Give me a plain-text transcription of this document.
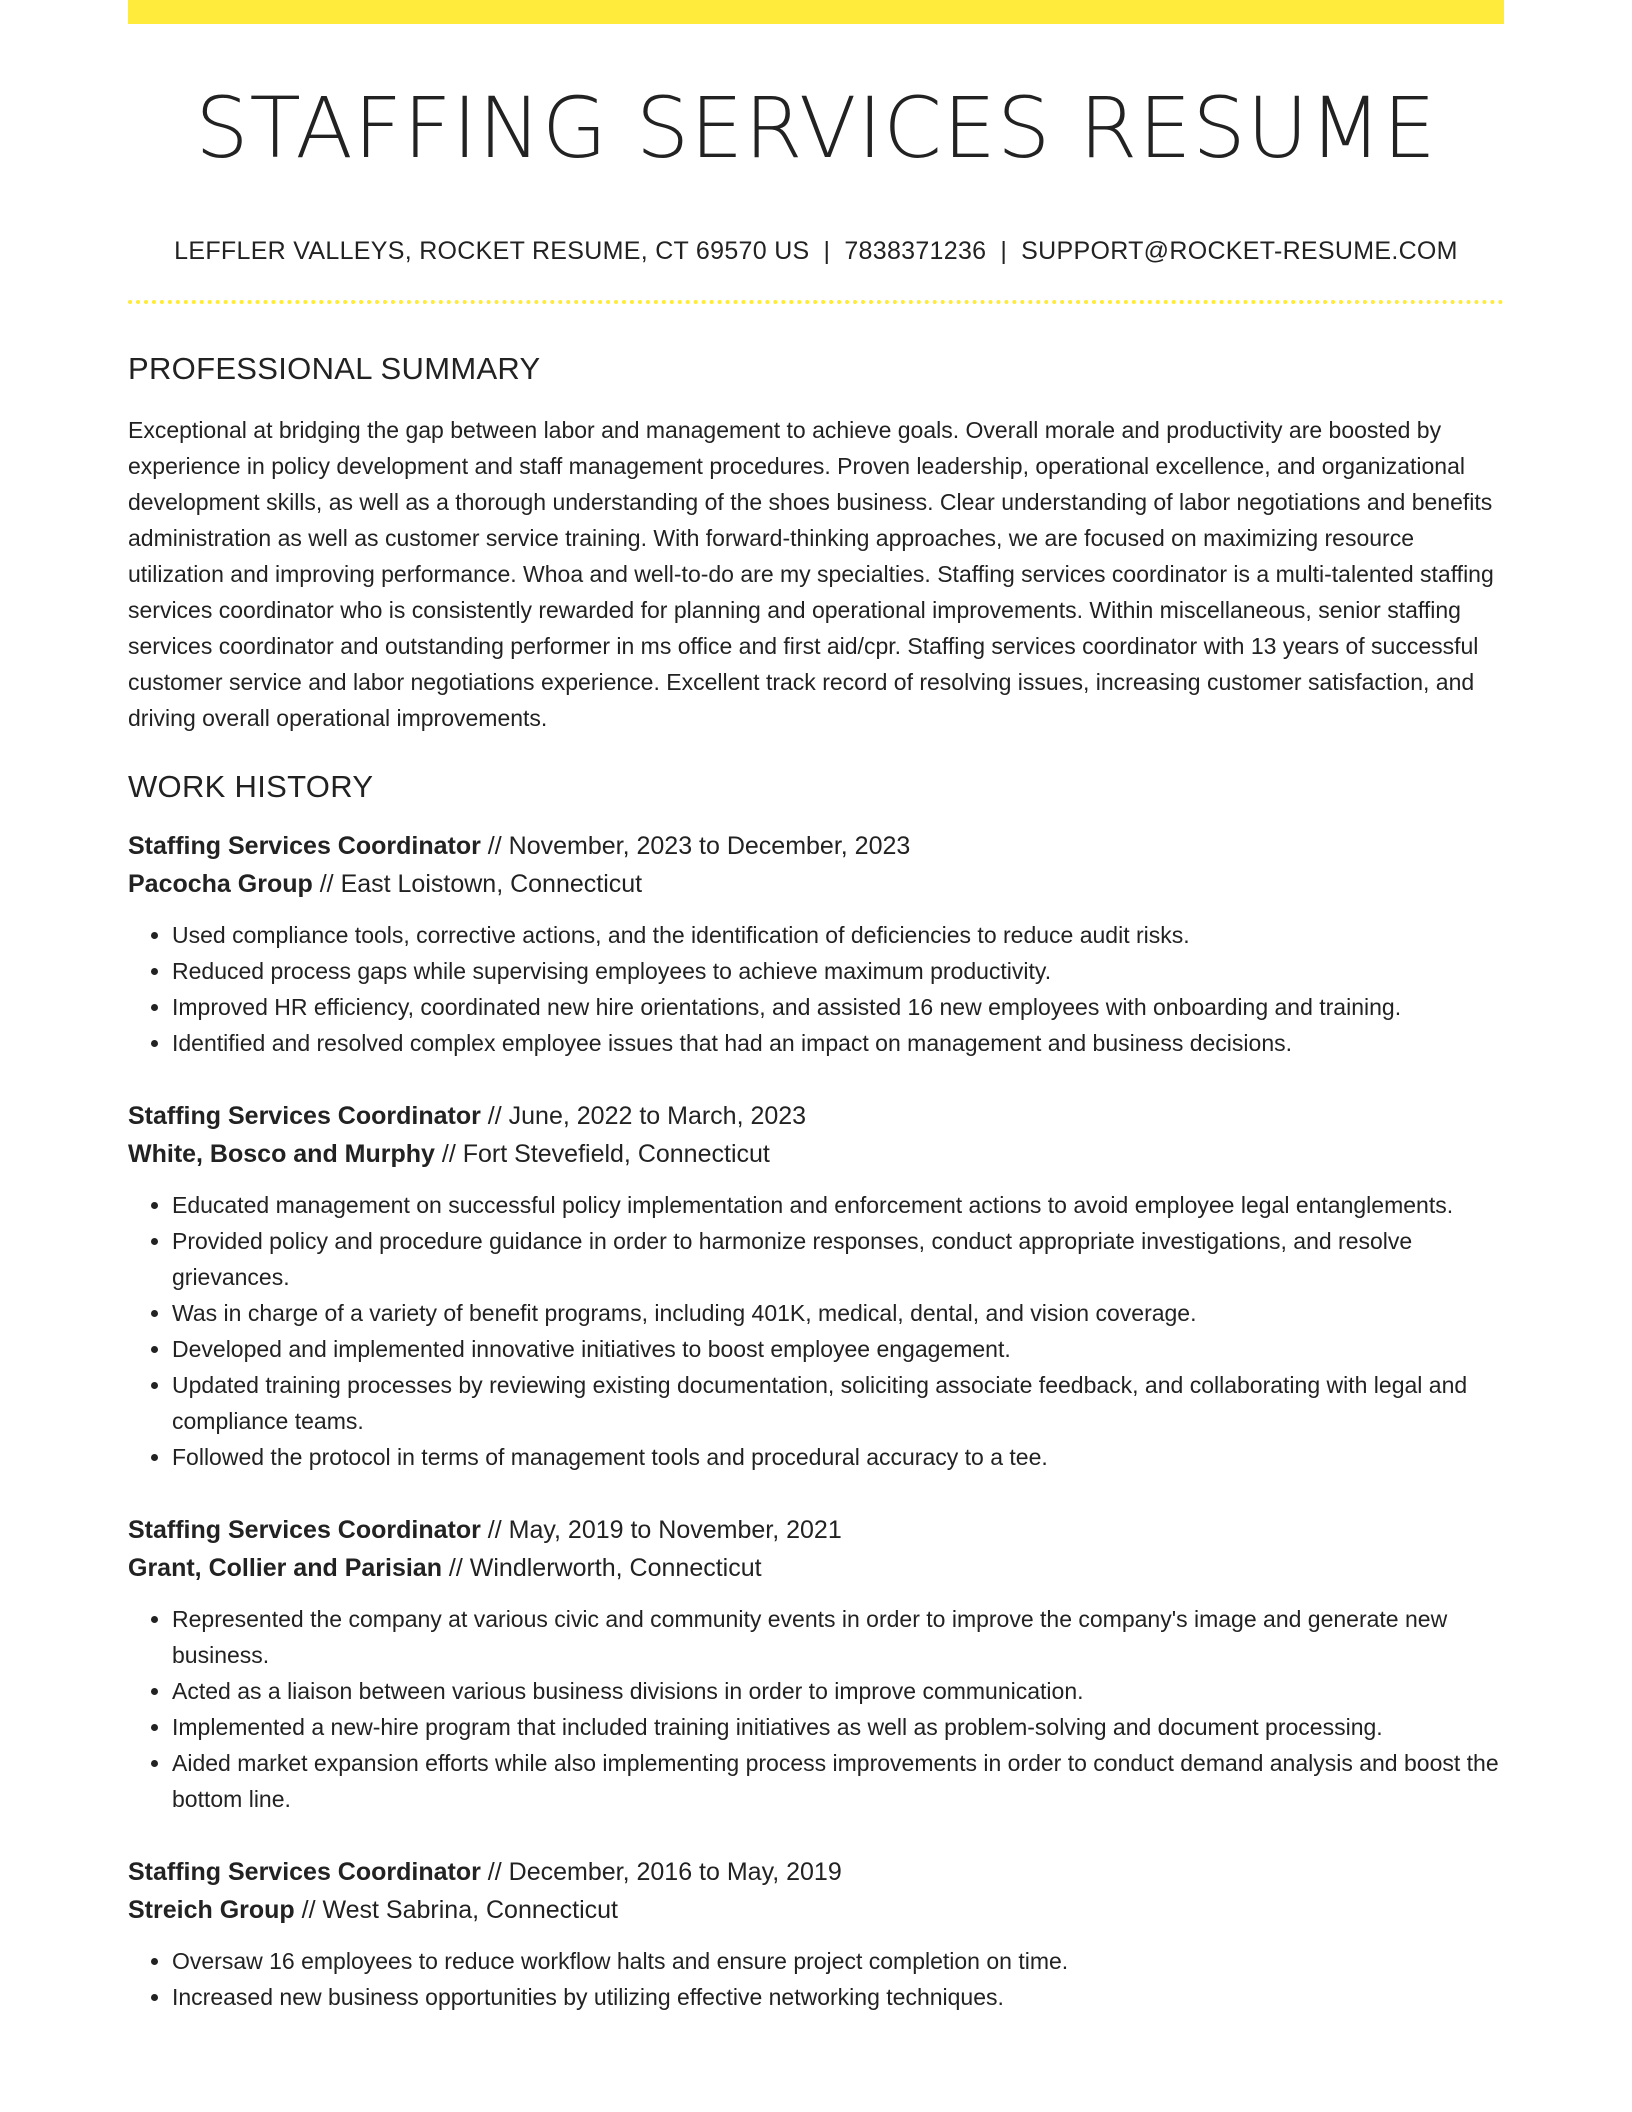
STAFFING SERVICES RESUME
LEFFLER VALLEYS, ROCKET RESUME, CT 69570 US | 7838371236 | SUPPORT@ROCKET-RESUME.COM
PROFESSIONAL SUMMARY

Exceptional at bridging the gap between labor and management to achieve goals. Overall morale and productivity are boosted by experience in policy development and staff management procedures. Proven leadership, operational excellence, and organizational development skills, as well as a thorough understanding of the shoes business. Clear understanding of labor negotiations and benefits administration as well as customer service training. With forward-thinking approaches, we are focused on maximizing resource utilization and improving performance. Whoa and well-to-do are my specialties. Staffing services coordinator is a multi-talented staffing services coordinator who is consistently rewarded for planning and operational improvements. Within miscellaneous, senior staffing services coordinator and outstanding performer in ms office and first aid/cpr. Staffing services coordinator with 13 years of successful customer service and labor negotiations experience. Excellent track record of resolving issues, increasing customer satisfaction, and driving overall operational improvements.

WORK HISTORY
Staffing Services Coordinator // November, 2023 to December, 2023
Pacocha Group // East Loistown, Connecticut
• Used compliance tools, corrective actions, and the identification of deficiencies to reduce audit risks.
• Reduced process gaps while supervising employees to achieve maximum productivity.
• Improved HR efficiency, coordinated new hire orientations, and assisted 16 new employees with onboarding and training.
• Identified and resolved complex employee issues that had an impact on management and business decisions.
Staffing Services Coordinator // June, 2022 to March, 2023
White, Bosco and Murphy // Fort Stevefield, Connecticut
• Educated management on successful policy implementation and enforcement actions to avoid employee legal entanglements.
• Provided policy and procedure guidance in order to harmonize responses, conduct appropriate investigations, and resolve grievances.
• Was in charge of a variety of benefit programs, including 401K, medical, dental, and vision coverage.
• Developed and implemented innovative initiatives to boost employee engagement.
• Updated training processes by reviewing existing documentation, soliciting associate feedback, and collaborating with legal and compliance teams.
• Followed the protocol in terms of management tools and procedural accuracy to a tee.
Staffing Services Coordinator // May, 2019 to November, 2021
Grant, Collier and Parisian // Windlerworth, Connecticut
• Represented the company at various civic and community events in order to improve the company's image and generate new business.
• Acted as a liaison between various business divisions in order to improve communication.
• Implemented a new-hire program that included training initiatives as well as problem-solving and document processing.
• Aided market expansion efforts while also implementing process improvements in order to conduct demand analysis and boost the bottom line.
Staffing Services Coordinator // December, 2016 to May, 2019
Streich Group // West Sabrina, Connecticut
• Oversaw 16 employees to reduce workflow halts and ensure project completion on time.
• Increased new business opportunities by utilizing effective networking techniques.
